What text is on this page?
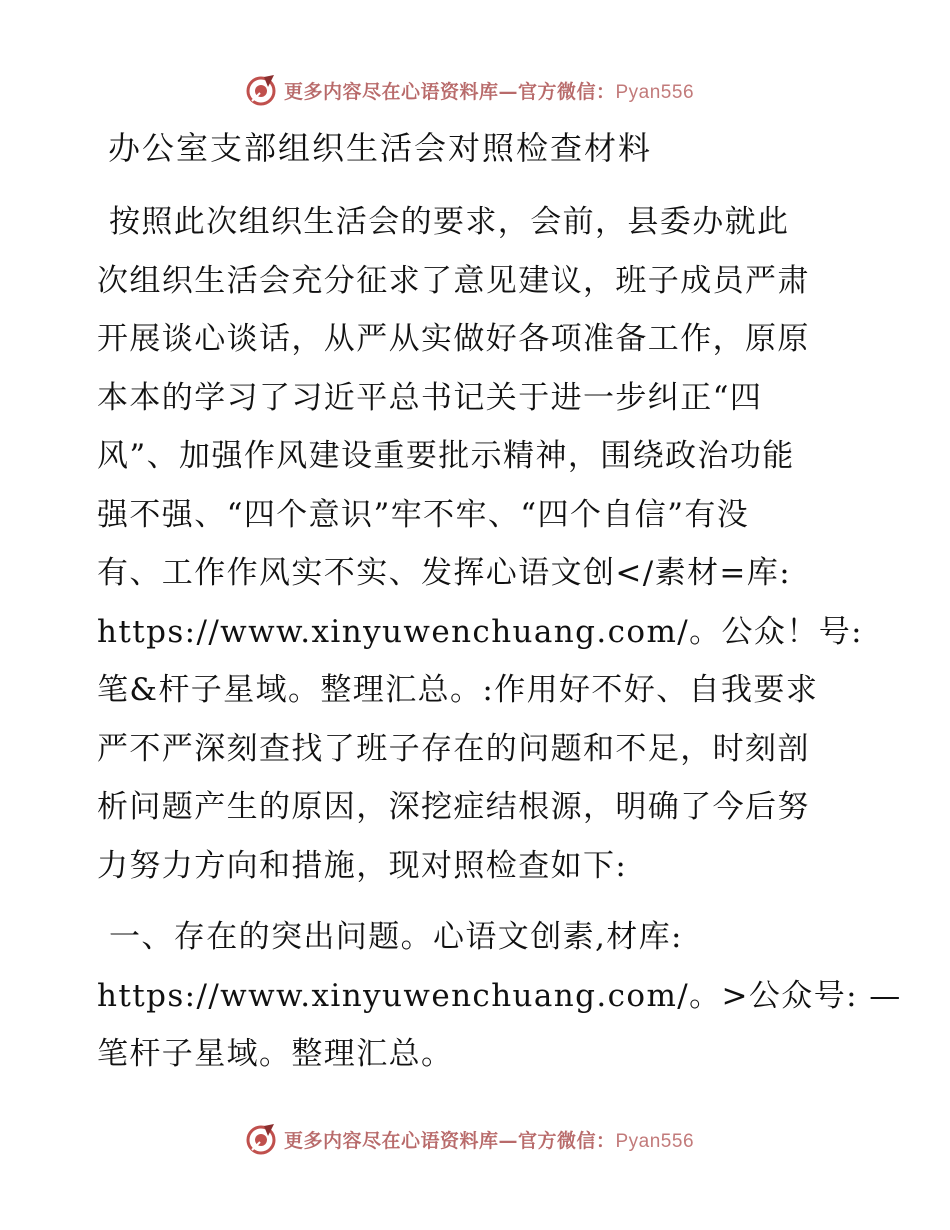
更多内容尽在心语资料库—官方微信：Pyan556
办公室支部组织生活会对照检查材料
按照此次组织生活会的要求，会前，县委办就此
次组织生活会充分征求了意见建议，班子成员严肃
开展谈心谈话，从严从实做好各项准备工作，原原
本本的学习了习近平总书记关于进一步纠正“四
风”、加强作风建设重要批示精神，围绕政治功能
强不强、“四个意识”牢不牢、“四个自信”有没
有、工作作风实不实、发挥心语文创</素材=库:
https://www.xinyuwenchuang.com/。公众！号:
笔&杆子星域。整理汇总。:作用好不好、自我要求
严不严深刻查找了班子存在的问题和不足，时刻剖
析问题产生的原因，深挖症结根源，明确了今后努
力努力方向和措施，现对照检查如下:
一、存在的突出问题。心语文创素,材库:
https://www.xinyuwenchuang.com/。>公众号: —
笔杆子星域。整理汇总。
更多内容尽在心语资料库—官方微信：Pyan556
